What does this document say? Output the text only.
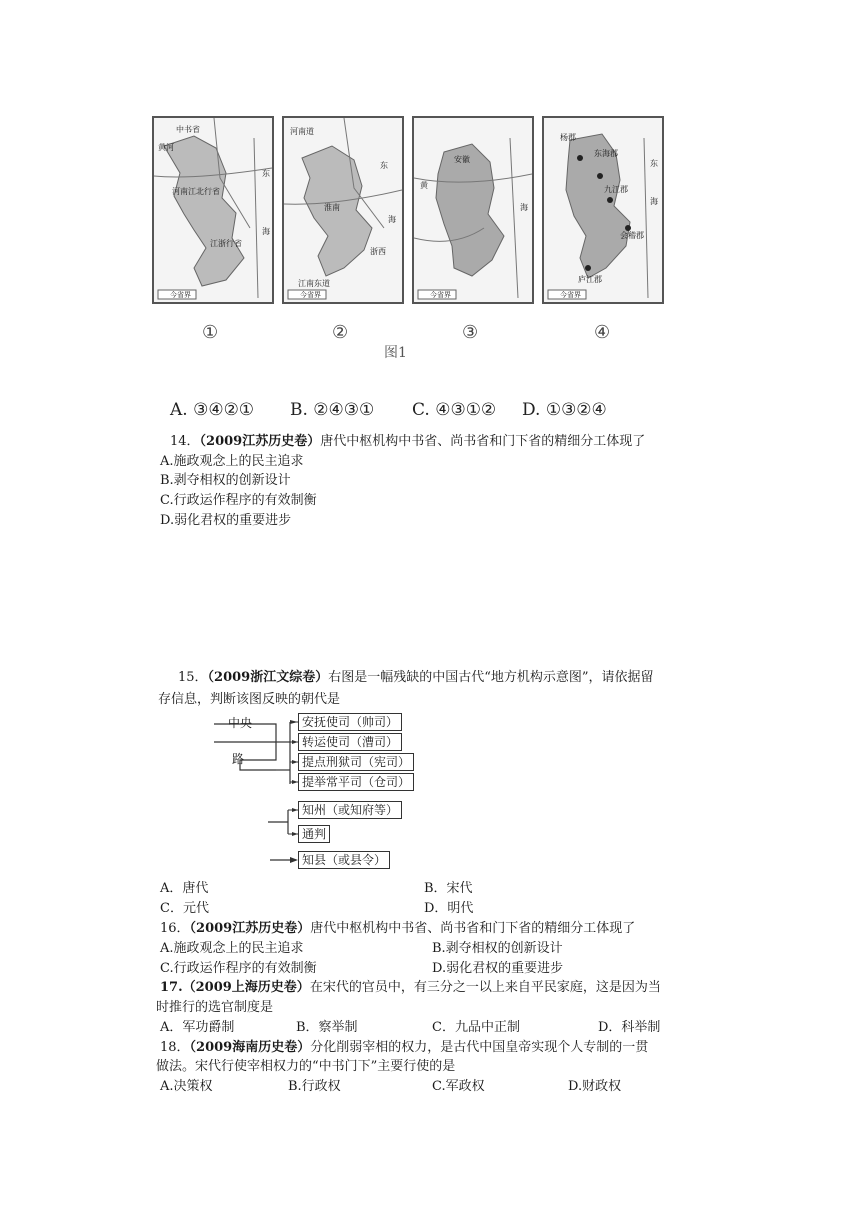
中书省
黄河
河南江北行省
江浙行省
东
海
今省界
河南道
淮南
东
海
浙西
江南东道
今省界
安徽
黄
海
今省界
杨郡
东海郡
九江郡
会稽郡
庐江郡
东
海
今省界
①	②	③	④
图1
A. ③④②① B. ②④③① C. ④③①② D. ①③②④
14．（2009江苏历史卷）唐代中枢机构中书省、尚书省和门下省的精细分工体现了
A.施政观念上的民主追求
B.剥夺相权的创新设计
C.行政运作程序的有效制衡
D.弱化君权的重要进步
15．（2009浙江文综卷）右图是一幅残缺的中国古代“地方机构示意图”，请依据留
存信息，判断该图反映的朝代是
中央
路
安抚使司（帅司）
转运使司（漕司）
提点刑狱司（宪司）
提举常平司（仓司）
知州（或知府等）
通判
知县（或县令）
A．唐代	B．宋代
C．元代	D．明代
16．（2009江苏历史卷）唐代中枢机构中书省、尚书省和门下省的精细分工体现了
A.施政观念上的民主追求	B.剥夺相权的创新设计
C.行政运作程序的有效制衡	D.弱化君权的重要进步
17.（2009上海历史卷）在宋代的官员中，有三分之一以上来自平民家庭，这是因为当
时推行的选官制度是
A．军功爵制	B．察举制	C．九品中正制	D．科举制
18．（2009海南历史卷）分化削弱宰相的权力，是古代中国皇帝实现个人专制的一贯
做法。宋代行使宰相权力的“中书门下”主要行使的是
A.决策权	B.行政权	C.军政权	D.财政权
